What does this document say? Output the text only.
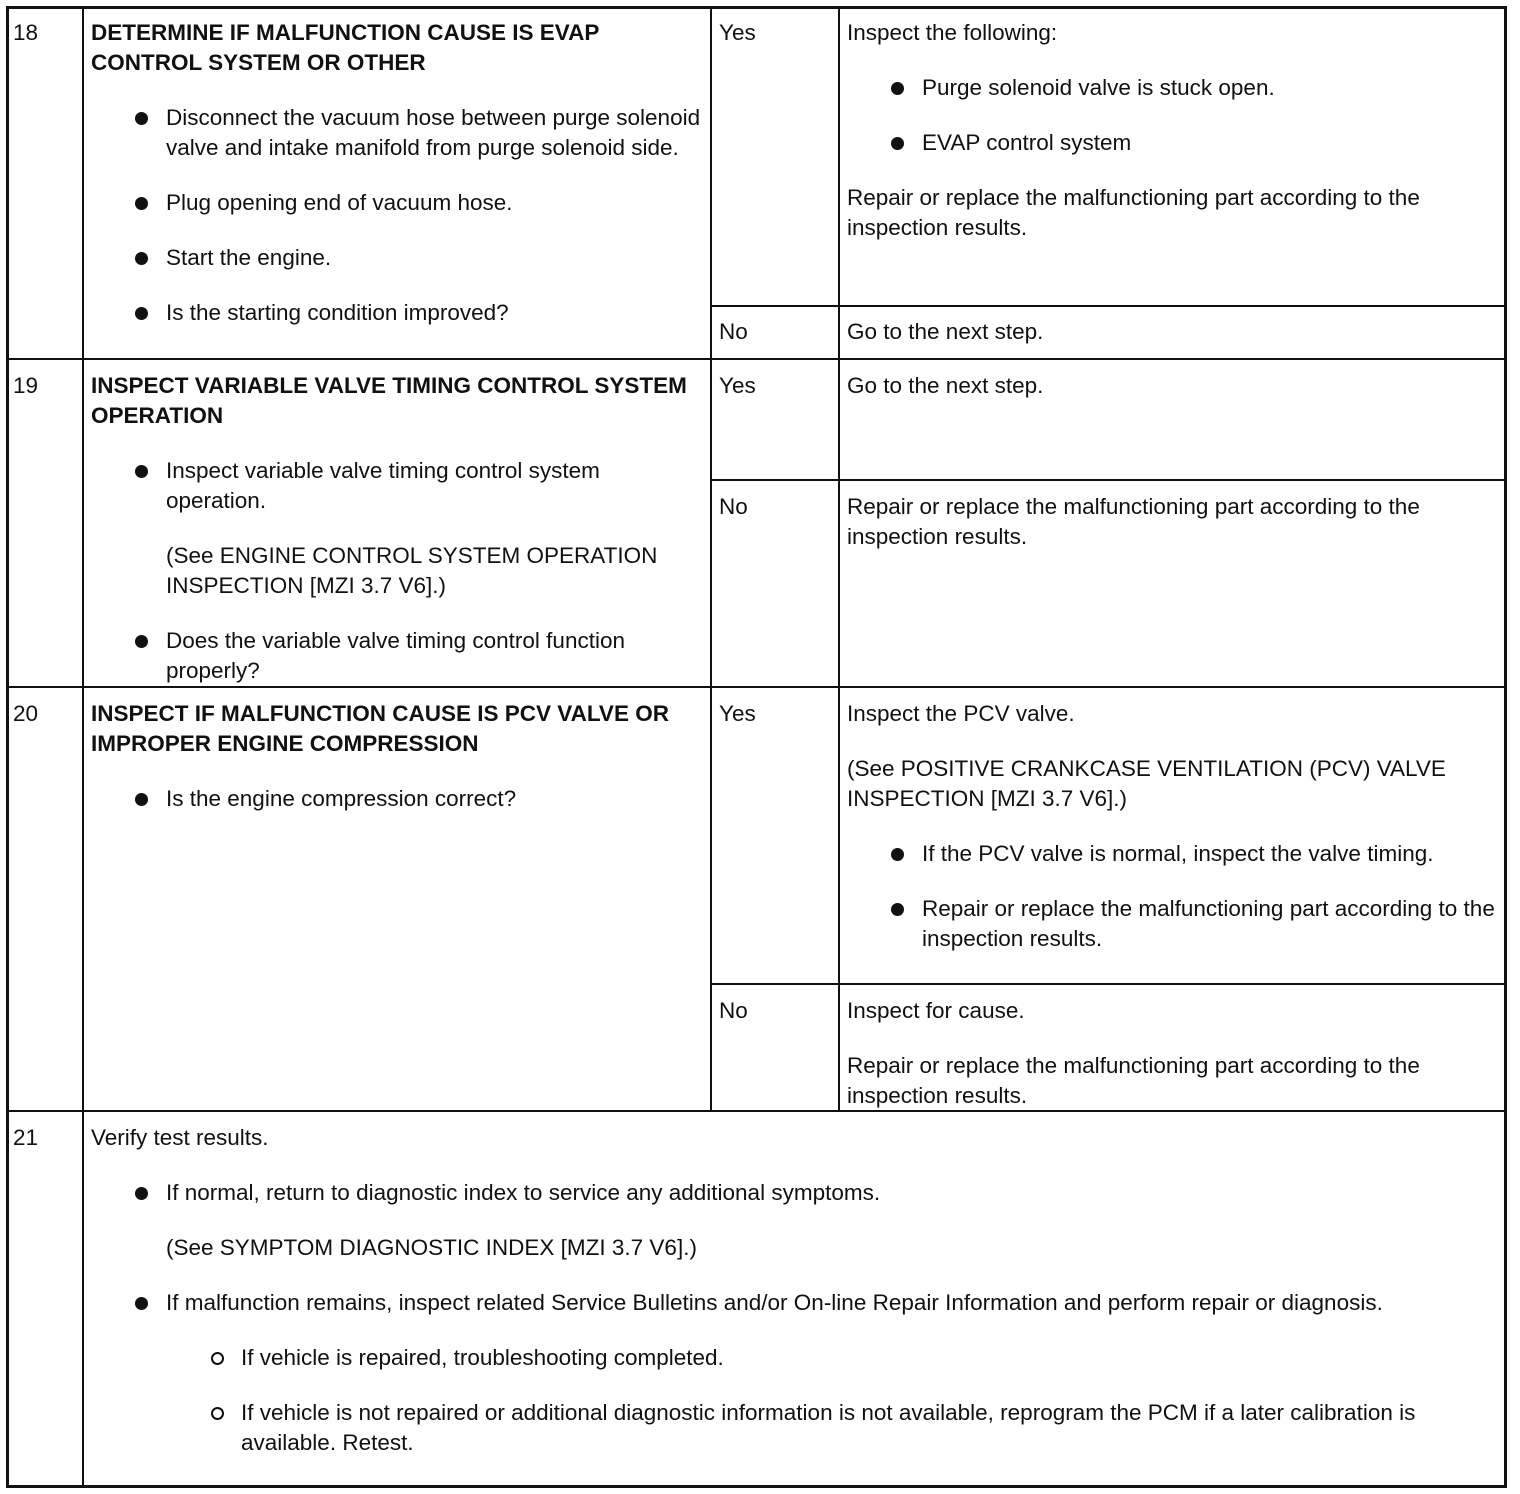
18	DETERMINE IF MALFUNCTION CAUSE IS EVAP CONTROL SYSTEM OR OTHER
Disconnect the vacuum hose between purge solenoid valve and intake manifold from purge solenoid side.
Plug opening end of vacuum hose.
Start the engine.
Is the starting condition improved?
Yes	Inspect the following:
Purge solenoid valve is stuck open.
EVAP control system
Repair or replace the malfunctioning part according to the inspection results.
No	Go to the next step.
19	INSPECT VARIABLE VALVE TIMING CONTROL SYSTEM OPERATION
Inspect variable valve timing control system operation.
(See ENGINE CONTROL SYSTEM OPERATION INSPECTION [MZI 3.7 V6].)
Does the variable valve timing control function properly?
Yes	Go to the next step.
No	Repair or replace the malfunctioning part according to the inspection results.
20	INSPECT IF MALFUNCTION CAUSE IS PCV VALVE OR IMPROPER ENGINE COMPRESSION
Is the engine compression correct?
Yes	Inspect the PCV valve.
(See POSITIVE CRANKCASE VENTILATION (PCV) VALVE INSPECTION [MZI 3.7 V6].)
If the PCV valve is normal, inspect the valve timing.
Repair or replace the malfunctioning part according to the inspection results.
No	Inspect for cause.
Repair or replace the malfunctioning part according to the inspection results.
21	Verify test results.
If normal, return to diagnostic index to service any additional symptoms.
(See SYMPTOM DIAGNOSTIC INDEX [MZI 3.7 V6].)
If malfunction remains, inspect related Service Bulletins and/or On-line Repair Information and perform repair or diagnosis.
If vehicle is repaired, troubleshooting completed.
If vehicle is not repaired or additional diagnostic information is not available, reprogram the PCM if a later calibration is available. Retest.
